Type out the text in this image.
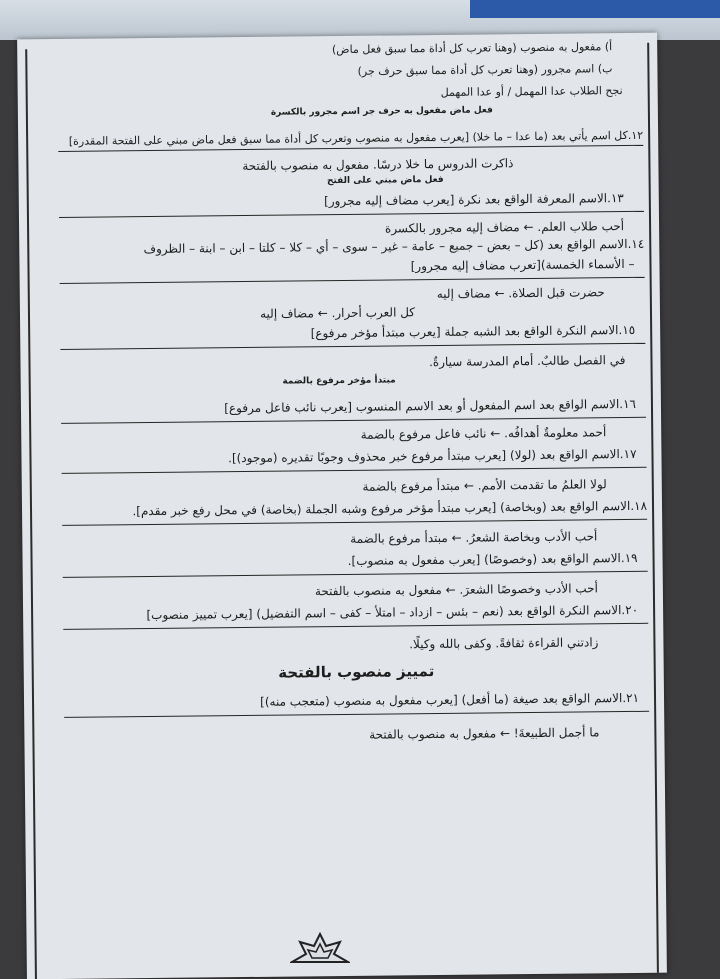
أ) مفعول به منصوب (وهنا تعرب كل أداة مما سبق فعل ماض)
ب) اسم مجرور (وهنا تعرب كل أداة مما سبق حرف جر)
نجح الطلاب عدا المهمل / أو عدا المهمل
فعل ماض مفعول به حرف جر اسم مجرور بالكسرة
١٢.كل اسم يأتي بعد (ما عدا – ما خلا) [يعرب مفعول به منصوب وتعرب كل أداة مما سبق فعل ماض مبني على الفتحة المقدرة]
ذاكرت الدروس ما خلا درسًا. مفعول به منصوب بالفتحة
فعل ماض مبني على الفتح
١٣.الاسم المعرفة الواقع بعد نكرة [يعرب مضاف إليه مجرور]
أحب طلاب العلم. ← مضاف إليه مجرور بالكسرة
١٤.الاسم الواقع بعد (كل – بعض – جميع – عامة – غير – سوى – أي – كلا – كلتا – ابن – ابنة – الظروف
– الأسماء الخمسة)[تعرب مضاف إليه مجرور]
حضرت قبل الصلاة. ← مضاف إليه
كل العرب أحرار. ← مضاف إليه
١٥.الاسم النكرة الواقع بعد الشبه جملة [يعرب مبتدأ مؤخر مرفوع]
في الفصل طالبٌ. أمام المدرسة سيارةٌ.
مبتدأ مؤخر مرفوع بالضمة
١٦.الاسم الواقع بعد اسم المفعول أو بعد الاسم المنسوب [يعرب نائب فاعل مرفوع]
أحمد معلومةٌ أهدافُه. ← نائب فاعل مرفوع بالضمة
١٧.الاسم الواقع بعد (لولا) [يعرب مبتدأ مرفوع خبر محذوف وجوبًا تقديره (موجود)].
لولا العلمُ ما تقدمت الأمم. ← مبتدأ مرفوع بالضمة
١٨.الاسم الواقع بعد (وبخاصة) [يعرب مبتدأ مؤخر مرفوع وشبه الجملة (بخاصة) في محل رفع خبر مقدم].
أحب الأدب وبخاصة الشعرُ. ← مبتدأ مرفوع بالضمة
١٩.الاسم الواقع بعد (وخصوصًا) [يعرب مفعول به منصوب].
أحب الأدب وخصوصًا الشعرَ. ← مفعول به منصوب بالفتحة
٢٠.الاسم النكرة الواقع بعد (نعم – بئس – ازداد – امتلأ – كفى – اسم التفضيل) [يعرب تمييز منصوب]
زادتني القراءة ثقافةً. وكفى بالله وكيلًا.
تمييز منصوب بالفتحة
٢١.الاسم الواقع بعد صيغة (ما أفعل) [يعرب مفعول به منصوب (متعجب منه)]
ما أجمل الطبيعةَ! ← مفعول به منصوب بالفتحة
